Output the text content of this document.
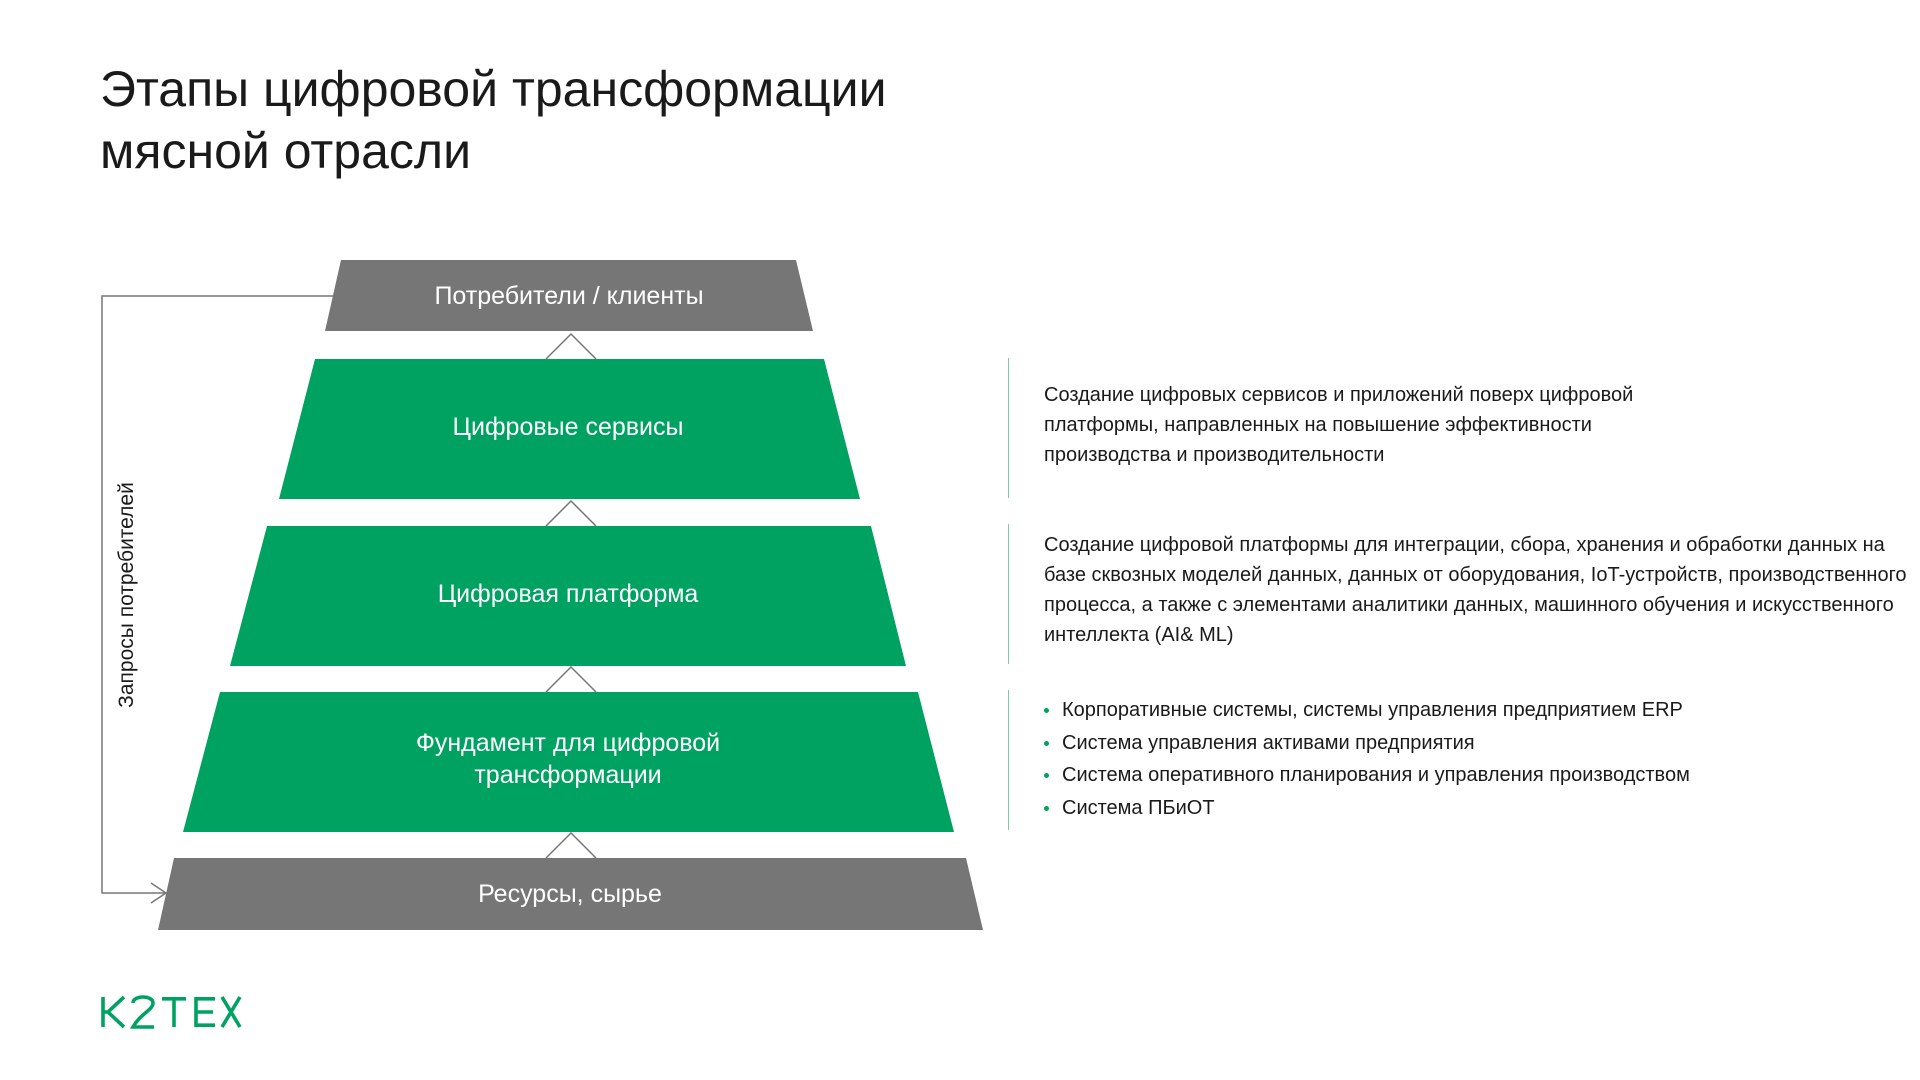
Этапы цифровой трансформации
мясной отрасли
Запросы потребителей
Потребители / клиенты
Цифровые сервисы
Цифровая платформа
Фундамент для цифровой
трансформации
Ресурсы, сырье

Создание цифровых сервисов и приложений поверх цифровой платформы, направленных на повышение эффективности производства и производительности

Создание цифровой платформы для интеграции, сбора, хранения и обработки данных на базе сквозных моделей данных, данных от оборудования, IoT-устройств, производственного процесса, а также с элементами аналитики данных, машинного обучения и искусственного интеллекта (AI& ML)

Корпоративные системы, системы управления предприятием ERP
Система управления активами предприятия
Система оперативного планирования и управления производством
Система ПБиОТ
